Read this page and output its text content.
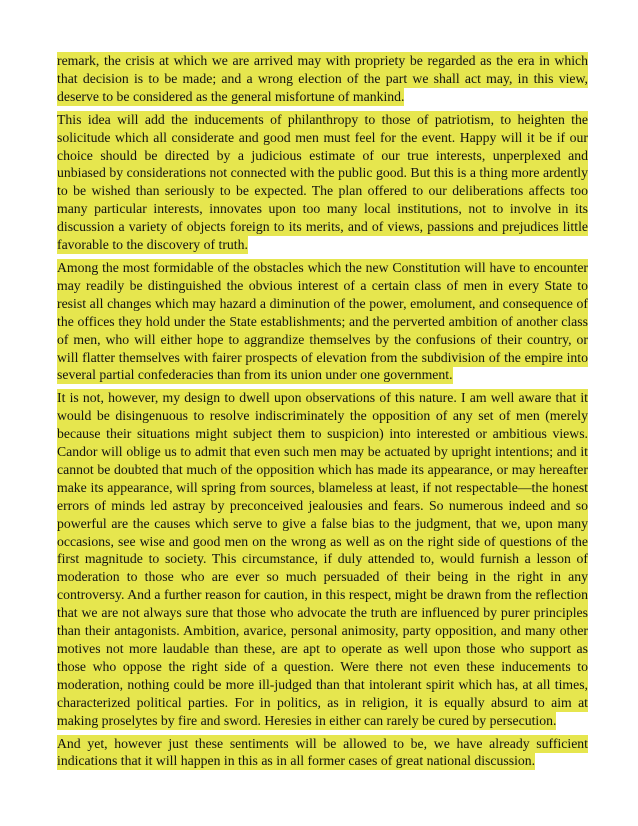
remark, the crisis at which we are arrived may with propriety be regarded as the era in which that decision is to be made; and a wrong election of the part we shall act may, in this view, deserve to be considered as the general misfortune of mankind.

This idea will add the inducements of philanthropy to those of patriotism, to heighten the solicitude which all considerate and good men must feel for the event. Happy will it be if our choice should be directed by a judicious estimate of our true interests, unperplexed and unbiased by considerations not connected with the public good. But this is a thing more ardently to be wished than seriously to be expected. The plan offered to our deliberations affects too many particular interests, innovates upon too many local institutions, not to involve in its discussion a variety of objects foreign to its merits, and of views, passions and prejudices little favorable to the discovery of truth.

Among the most formidable of the obstacles which the new Constitution will have to encounter may readily be distinguished the obvious interest of a certain class of men in every State to resist all changes which may hazard a diminution of the power, emolument, and consequence of the offices they hold under the State establishments; and the perverted ambition of another class of men, who will either hope to aggrandize themselves by the confusions of their country, or will flatter themselves with fairer prospects of elevation from the subdivision of the empire into several partial confederacies than from its union under one government.

It is not, however, my design to dwell upon observations of this nature. I am well aware that it would be disingenuous to resolve indiscriminately the opposition of any set of men (merely because their situations might subject them to suspicion) into interested or ambitious views. Candor will oblige us to admit that even such men may be actuated by upright intentions; and it cannot be doubted that much of the opposition which has made its appearance, or may hereafter make its appearance, will spring from sources, blameless at least, if not respectable—the honest errors of minds led astray by preconceived jealousies and fears. So numerous indeed and so powerful are the causes which serve to give a false bias to the judgment, that we, upon many occasions, see wise and good men on the wrong as well as on the right side of questions of the first magnitude to society. This circumstance, if duly attended to, would furnish a lesson of moderation to those who are ever so much persuaded of their being in the right in any controversy. And a further reason for caution, in this respect, might be drawn from the reflection that we are not always sure that those who advocate the truth are influenced by purer principles than their antagonists. Ambition, avarice, personal animosity, party opposition, and many other motives not more laudable than these, are apt to operate as well upon those who support as those who oppose the right side of a question. Were there not even these inducements to moderation, nothing could be more ill-judged than that intolerant spirit which has, at all times, characterized political parties. For in politics, as in religion, it is equally absurd to aim at making proselytes by fire and sword. Heresies in either can rarely be cured by persecution.

And yet, however just these sentiments will be allowed to be, we have already sufficient indications that it will happen in this as in all former cases of great national discussion.
